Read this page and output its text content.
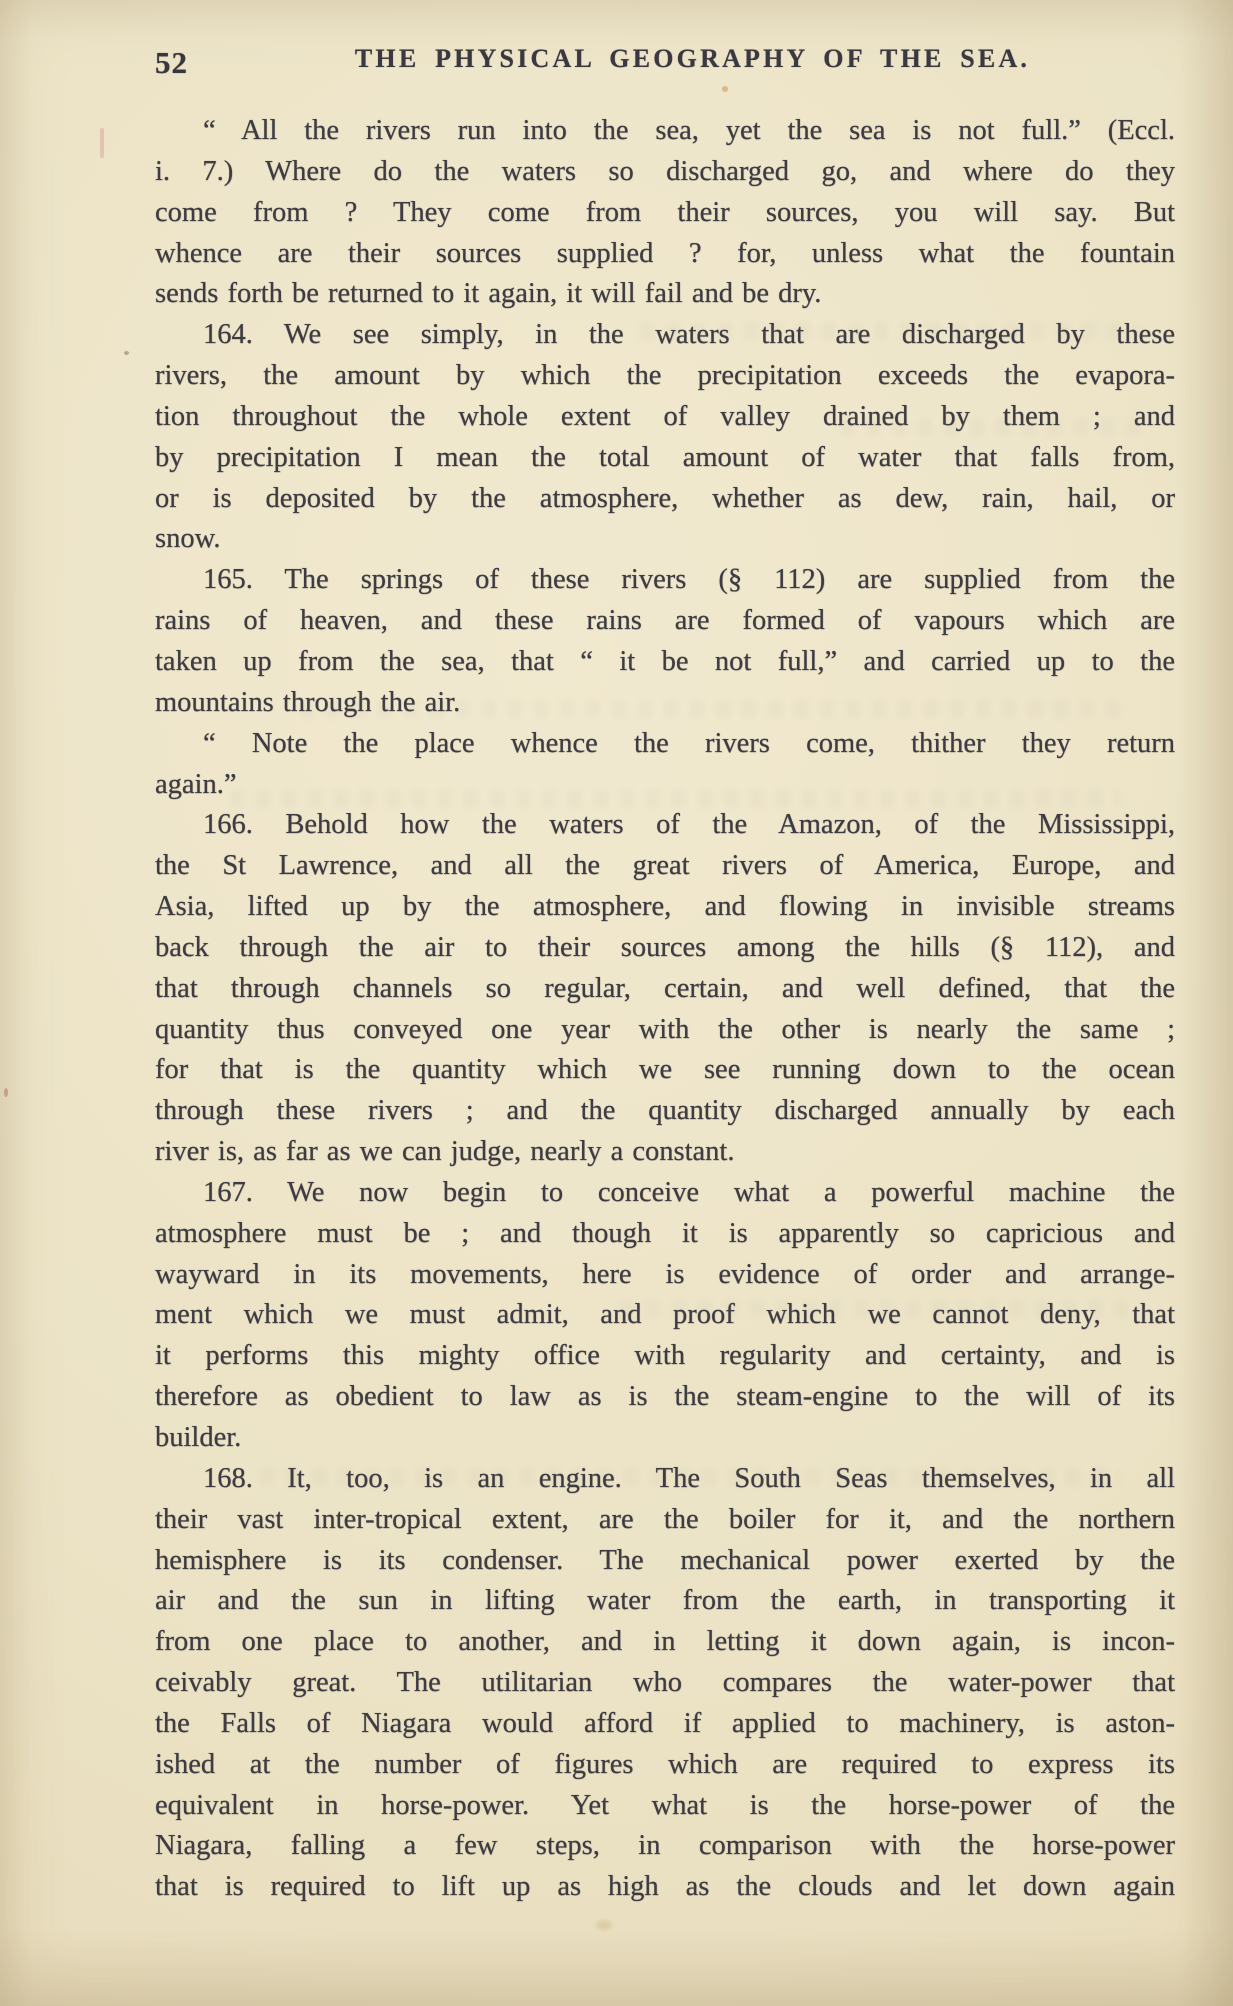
52	THE PHYSICAL GEOGRAPHY OF THE SEA.
“ All the rivers run into the sea, yet the sea is not full.” (Eccl.
i. 7.) Where do the waters so discharged go, and where do they
come from ? They come from their sources, you will say. But
whence are their sources supplied ? for, unless what the fountain
sends forth be returned to it again, it will fail and be dry.
164. We see simply, in the waters that are discharged by these
rivers, the amount by which the precipitation exceeds the evapora-
tion throughout the whole extent of valley drained by them ; and
by precipitation I mean the total amount of water that falls from,
or is deposited by the atmosphere, whether as dew, rain, hail, or
snow.
165. The springs of these rivers (§ 112) are supplied from the
rains of heaven, and these rains are formed of vapours which are
taken up from the sea, that “ it be not full,” and carried up to the
mountains through the air.
“ Note the place whence the rivers come, thither they return
again.”
166. Behold how the waters of the Amazon, of the Mississippi,
the St Lawrence, and all the great rivers of America, Europe, and
Asia, lifted up by the atmosphere, and flowing in invisible streams
back through the air to their sources among the hills (§ 112), and
that through channels so regular, certain, and well defined, that the
quantity thus conveyed one year with the other is nearly the same ;
for that is the quantity which we see running down to the ocean
through these rivers ; and the quantity discharged annually by each
river is, as far as we can judge, nearly a constant.
167. We now begin to conceive what a powerful machine the
atmosphere must be ; and though it is apparently so capricious and
wayward in its movements, here is evidence of order and arrange-
ment which we must admit, and proof which we cannot deny, that
it performs this mighty office with regularity and certainty, and is
therefore as obedient to law as is the steam-engine to the will of its
builder.
168. It, too, is an engine. The South Seas themselves, in all
their vast inter-tropical extent, are the boiler for it, and the northern
hemisphere is its condenser. The mechanical power exerted by the
air and the sun in lifting water from the earth, in transporting it
from one place to another, and in letting it down again, is incon-
ceivably great. The utilitarian who compares the water-power that
the Falls of Niagara would afford if applied to machinery, is aston-
ished at the number of figures which are required to express its
equivalent in horse-power. Yet what is the horse-power of the
Niagara, falling a few steps, in comparison with the horse-power
that is required to lift up as high as the clouds and let down again
